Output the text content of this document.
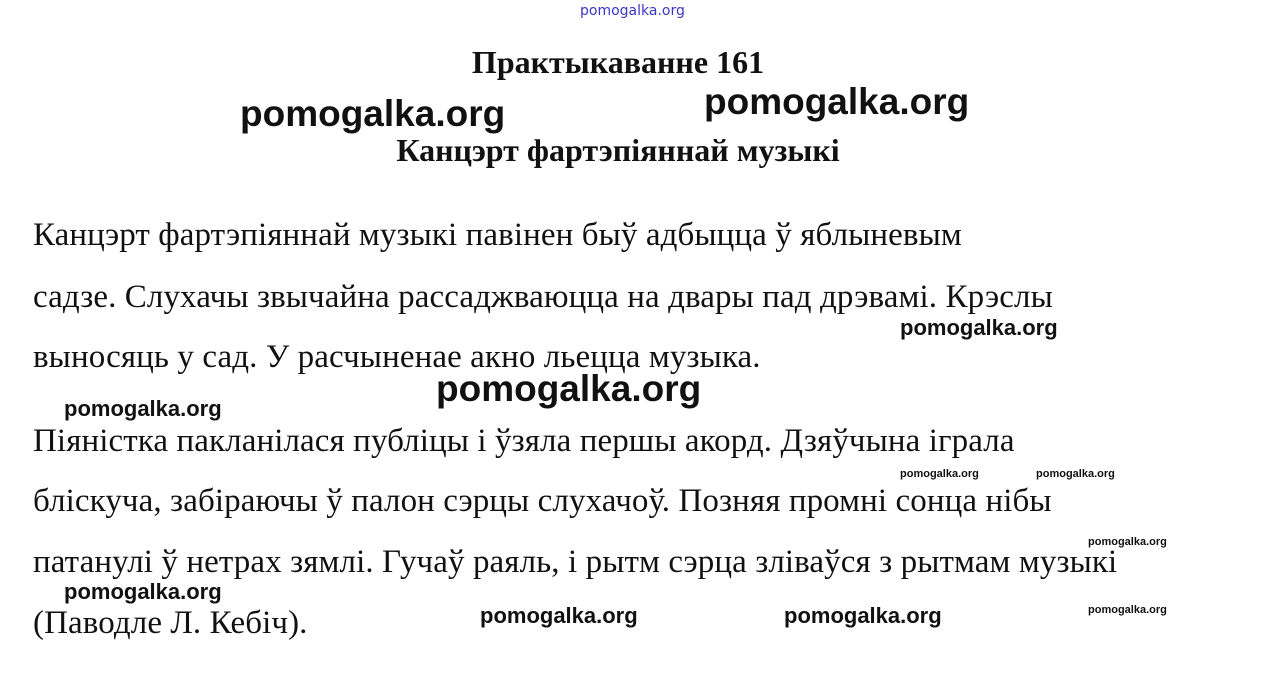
pomogalka.org
Практыкаванне 161
Канцэрт фартэпіяннай музыкі
Канцэрт фартэпіяннай музыкі павінен быў адбыцца ў яблыневым
садзе. Слухачы звычайна рассаджваюцца на двары пад дрэвамі. Крэслы
выносяць у сад. У расчыненае акно льецца музыка.
Піяністка пакланілася публіцы і ўзяла першы акорд. Дзяўчына іграла
бліскуча, забіраючы ў палон сэрцы слухачоў. Позняя промні сонца нібы
патанулі ў нетрах зямлі. Гучаў раяль, і рытм сэрца зліваўся з рытмам музыкі
(Паводле Л. Кебіч).
pomogalka.org	pomogalka.org
pomogalka.org
pomogalka.org
pomogalka.org
pomogalka.org	pomogalka.org
pomogalka.org
pomogalka.org
pomogalka.org	pomogalka.org	pomogalka.org
